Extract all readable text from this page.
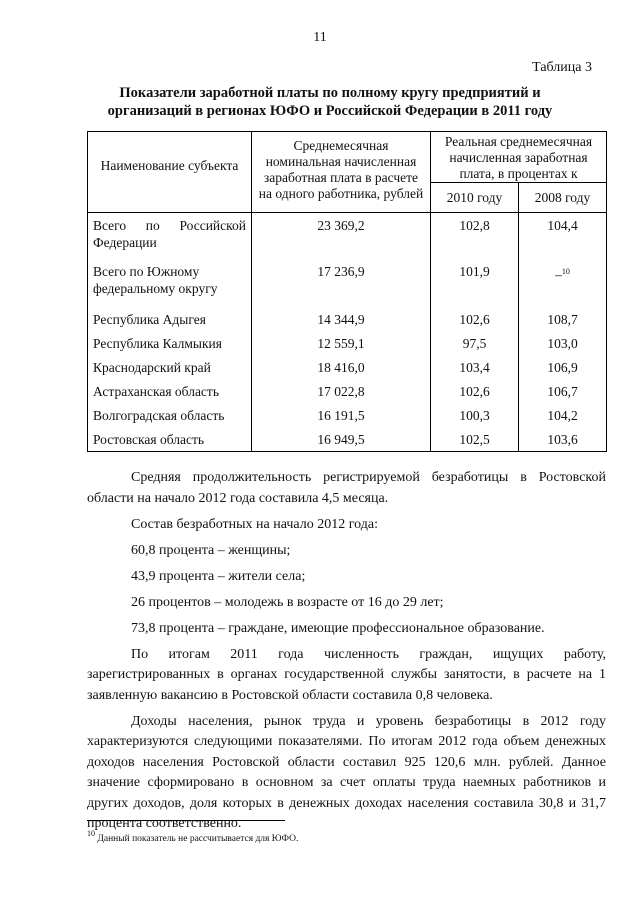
11
Таблица 3
Показатели заработной платы по полному кругу предприятий и организаций в регионах ЮФО и Российской Федерации в 2011 году
Наименование субъекта	Среднемесячная номинальная начисленная заработная плата в расчете на одного работника, рублей	Реальная среднемесячная начисленная заработная плата, в процентах к	
		2010 году	2008 году
Всего по Российской Федерации	23 369,2	102,8	104,4
Всего по Южному федеральному округу	17 236,9	101,9	–$^{10}$
Республика Адыгея	14 344,9	102,6	108,7
Республика Калмыкия	12 559,1	97,5	103,0
Краснодарский край	18 416,0	103,4	106,9
Астраханская область	17 022,8	102,6	106,7
Волгоградская область	16 191,5	100,3	104,2
Ростовская область	16 949,5	102,5	103,6

Средняя продолжительность регистрируемой безработицы в Ростовской области на начало 2012 года составила 4,5 месяца.

Состав безработных на начало 2012 года:

60,8 процента – женщины;

43,9 процента – жители села;

26 процентов – молодежь в возрасте от 16 до 29 лет;

73,8 процента – граждане, имеющие профессиональное образование.

По итогам 2011 года численность граждан, ищущих работу, зарегистрированных в органах государственной службы занятости, в расчете на 1 заявленную вакансию в Ростовской области составила 0,8 человека.

Доходы населения, рынок труда и уровень безработицы в 2012 году характеризуются следующими показателями. По итогам 2012 года объем денежных доходов населения Ростовской области составил 925 120,6 млн. рублей. Данное значение сформировано в основном за счет оплаты труда наемных работников и других доходов, доля которых в денежных доходах населения составила 30,8 и 31,7 процента соответственно.

$^{10}$ Данный показатель не рассчитывается для ЮФО.
